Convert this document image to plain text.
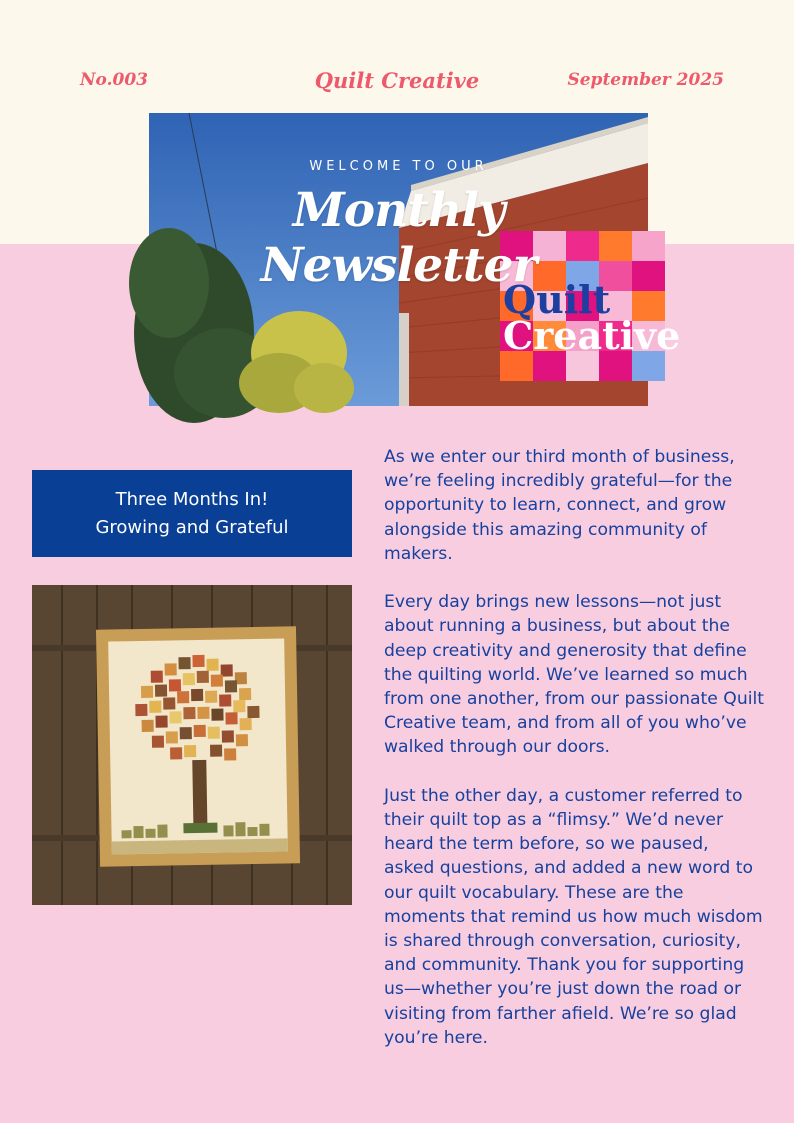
No.003	Quilt Creative	September 2025
Quilt
Creative
WELCOME TO OUR
Monthly Newsletter
Three Months In!
Growing and Grateful

As we enter our third month of business, we’re feeling incredibly grateful—for the opportunity to learn, connect, and grow alongside this amazing community of makers.

Every day brings new lessons—not just about running a business, but about the deep creativity and generosity that define the quilting world. We’ve learned so much from one another, from our passionate Quilt Creative team, and from all of you who’ve walked through our doors.

Just the other day, a customer referred to their quilt top as a “flimsy.” We’d never heard the term before, so we paused, asked questions, and added a new word to our quilt vocabulary. These are the moments that remind us how much wisdom is shared through conversation, curiosity, and community. Thank you for supporting us—whether you’re just down the road or visiting from farther afield. We’re so glad you’re here.
